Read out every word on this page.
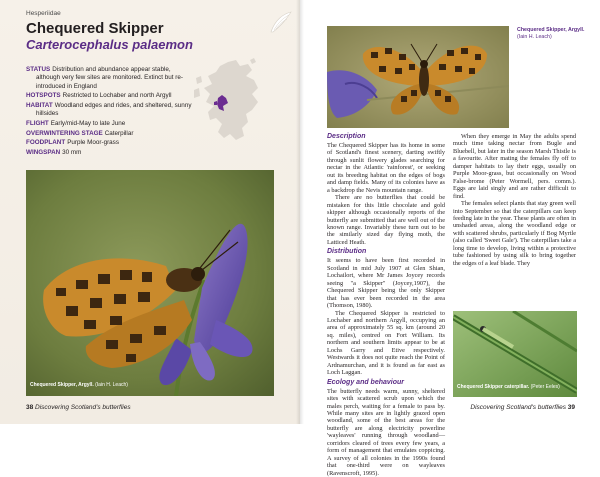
Hesperiidae
Chequered Skipper
Carterocephalus palaemon
STATUS Distribution and abundance appear stable, although very few sites are monitored. Extinct but re-introduced in England
HOTSPOTS Restricted to Lochaber and north Argyll
HABITAT Woodland edges and rides, and sheltered, sunny hillsides
FLIGHT Early/mid-May to late June
OVERWINTERING STAGE Caterpillar
FOODPLANT Purple Moor-grass
WINGSPAN 30 mm
Chequered Skipper, Argyll. (Iain H. Leach)
38 Discovering Scotland's butterflies
Chequered Skipper, Argyll.
(Iain H. Leach)
Description

The Chequered Skipper has its home in some of Scotland's finest scenery, darting swiftly through sunlit flowery glades searching for nectar in the Atlantic 'rainforest', or seeking out its breeding habitat on the edges of bogs and damp fields. Many of its colonies have as a backdrop the Nevis mountain range.

There are no butterflies that could be mistaken for this little chocolate and gold skipper although occasionally reports of the butterfly are submitted that are well out of the known range. Invariably these turn out to be the similarly sized day flying moth, the Latticed Heath.

Distribution

It seems to have been first recorded in Scotland in mid July 1907 at Glen Shian, Lochailort, where Mr James Joycey records seeing "a Skipper" (Joycey,1907), the Chequered Skipper being the only Skipper that has ever been recorded in the area (Thomson, 1980).

The Chequered Skipper is restricted to Lochaber and northern Argyll, occupying an area of approximately 55 sq. km (around 20 sq. miles), centred on Fort William. Its northern and southern limits appear to be at Lochs Garry and Etive respectively. Westwards it does not quite reach the Point of Ardnamurchan, and it is found as far east as Loch Laggan.

Ecology and behaviour

The butterfly needs warm, sunny, sheltered sites with scattered scrub upon which the males perch, waiting for a female to pass by. While many sites are in lightly grazed open woodland, some of the best areas for the butterfly are along electricity powerline 'wayleaves' running through woodland—corridors cleared of trees every few years, a form of management that emulates coppicing. A survey of all colonies in the 1990s found that one-third were on wayleaves (Ravenscroft, 1995).

When they emerge in May the adults spend much time taking nectar from Bugle and Bluebell, but later in the season Marsh Thistle is a favourite. After mating the females fly off to damper habitats to lay their eggs, usually on Purple Moor-grass, but occasionally on Wood False-brome (Peter Wormell, pers. comm.). Eggs are laid singly and are rather difficult to find.

The females select plants that stay green well into September so that the caterpillars can keep feeding late in the year. These plants are often in unshaded areas, along the woodland edge or with scattered shrubs, particularly if Bog Myrtle (also called 'Sweet Gale'). The caterpillars take a long time to develop, living within a protective tube fashioned by using silk to bring together the edges of a leaf blade. They

Chequered Skipper caterpillar. (Peter Eeles)
Discovering Scotland's butterflies 39
